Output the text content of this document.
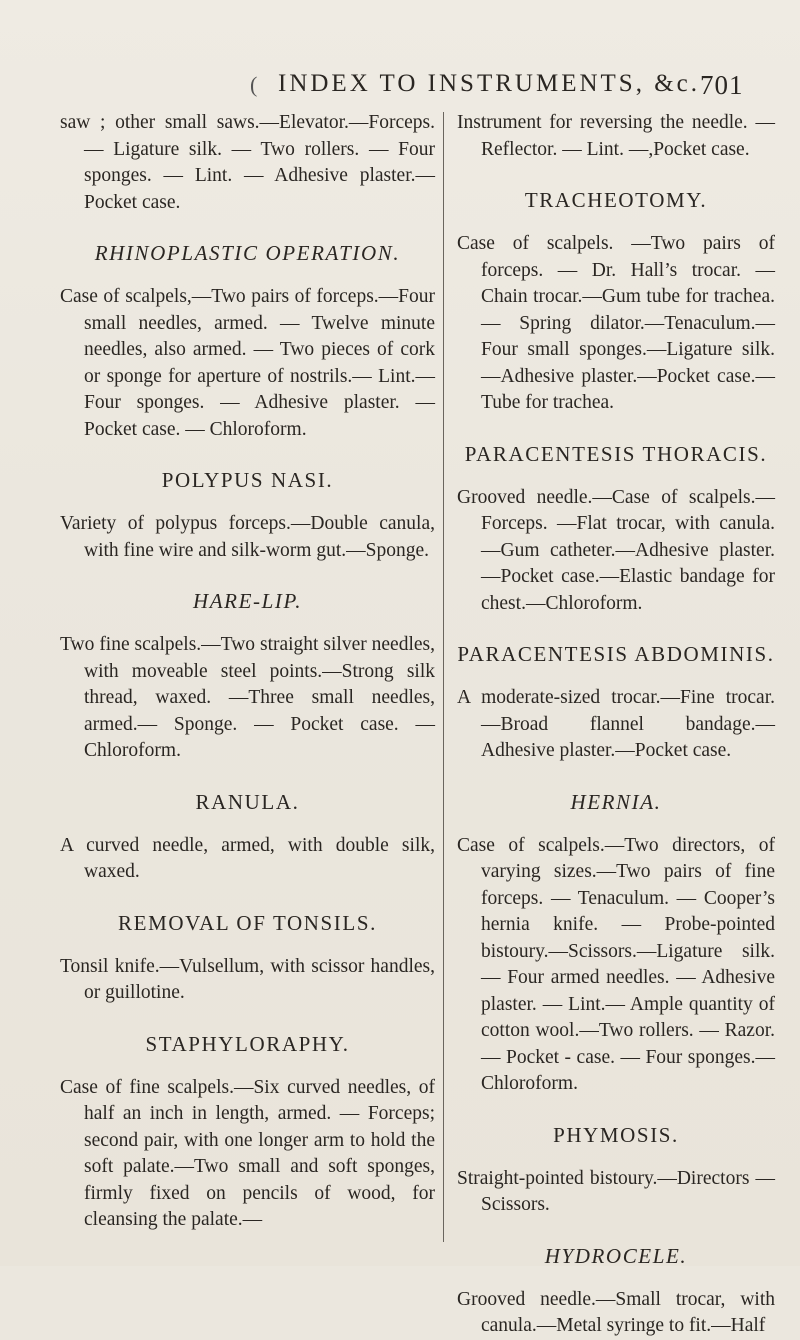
( INDEX TO INSTRUMENTS, &c. 701

saw ; other small saws.—Elevator.—Forceps. — Ligature silk. — Two rollers. — Four sponges. — Lint. — Adhesive plaster.—Pocket case.

RHINOPLASTIC OPERATION.

Case of scalpels,—Two pairs of forceps.—Four small needles, armed. — Twelve minute needles, also armed. — Two pieces of cork or sponge for aperture of nostrils.— Lint.— Four sponges. — Adhesive plaster. — Pocket case. — Chloroform.

POLYPUS NASI.

Variety of polypus forceps.—Double canula, with fine wire and silk-worm gut.—Sponge.

HARE-LIP.

Two fine scalpels.—Two straight silver needles, with moveable steel points.—Strong silk thread, waxed. —Three small needles, armed.— Sponge. — Pocket case. — Chloroform.

RANULA.

A curved needle, armed, with double silk, waxed.

REMOVAL OF TONSILS.

Tonsil knife.—Vulsellum, with scissor handles, or guillotine.

STAPHYLORAPHY.

Case of fine scalpels.—Six curved needles, of half an inch in length, armed. — Forceps; second pair, with one longer arm to hold the soft palate.—Two small and soft sponges, firmly fixed on pencils of wood, for cleansing the palate.—

Instrument for reversing the needle. — Reflector. — Lint. —,Pocket case.

TRACHEOTOMY.

Case of scalpels. —Two pairs of forceps. — Dr. Hall’s trocar. — Chain trocar.—Gum tube for trachea.— Spring dilator.—Tenaculum.—Four small sponges.—Ligature silk.—Adhesive plaster.—Pocket case.—Tube for trachea.

PARACENTESIS THORACIS.

Grooved needle.—Case of scalpels.— Forceps. —Flat trocar, with canula. —Gum catheter.—Adhesive plaster. —Pocket case.—Elastic bandage for chest.—Chloroform.

PARACENTESIS ABDOMINIS.

A moderate-sized trocar.—Fine trocar.—Broad flannel bandage.—Adhesive plaster.—Pocket case.

HERNIA.

Case of scalpels.—Two directors, of varying sizes.—Two pairs of fine forceps. — Tenaculum. — Cooper’s hernia knife. — Probe-pointed bistoury.—Scissors.—Ligature silk.— Four armed needles. — Adhesive plaster. — Lint.— Ample quantity of cotton wool.—Two rollers. — Razor. — Pocket - case. — Four sponges.—Chloroform.

PHYMOSIS.

Straight-pointed bistoury.—Directors —Scissors.

HYDROCELE.

Grooved needle.—Small trocar, with canula.—Metal syringe to fit.—Half
